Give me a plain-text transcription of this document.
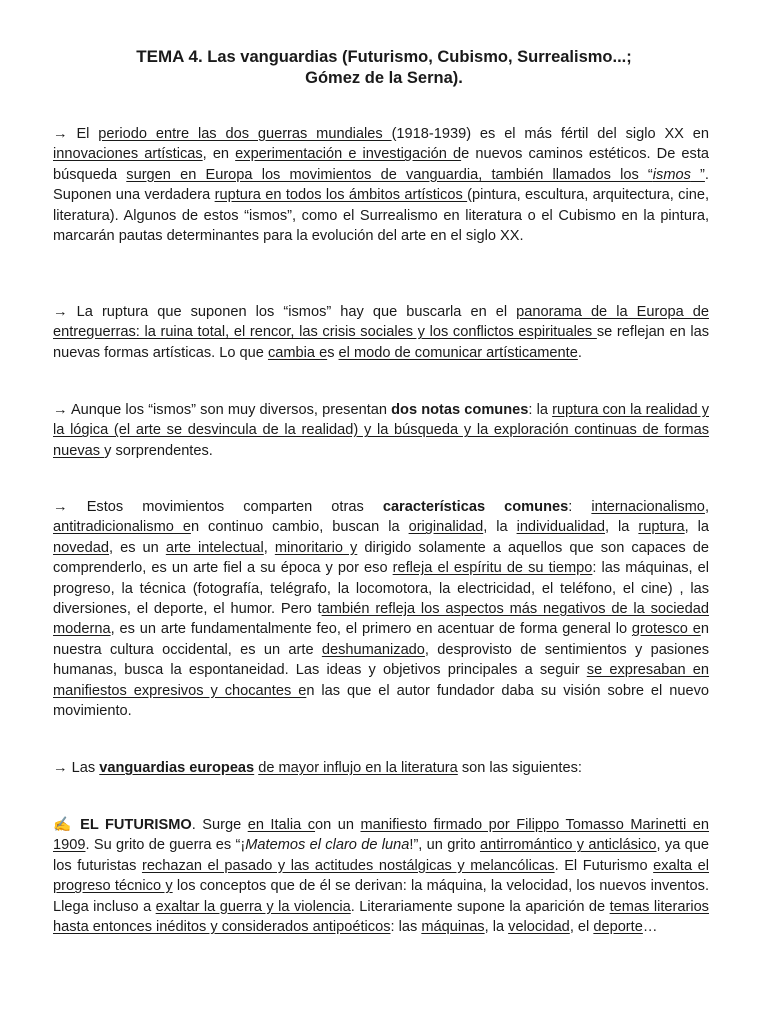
TEMA 4. Las vanguardias (Futurismo, Cubismo, Surrealismo...;
Gómez de la Serna).

→ El periodo entre las dos guerras mundiales (1918-1939) es el más fértil del siglo XX en innovaciones artísticas, en experimentación e investigación de nuevos caminos estéticos. De esta búsqueda surgen en Europa los movimientos de vanguardia, también llamados los “ismos ”. Suponen una verdadera ruptura en todos los ámbitos artísticos (pintura, escultura, arquitectura, cine, literatura). Algunos de estos “ismos”, como el Surrealismo en literatura o el Cubismo en la pintura, marcarán pautas determinantes para la evolución del arte en el siglo XX.

→ La ruptura que suponen los “ismos” hay que buscarla en el panorama de la Europa de entreguerras: la ruina total, el rencor, las crisis sociales y los conflictos espirituales se reflejan en las nuevas formas artísticas. Lo que cambia es el modo de comunicar artísticamente.

→ Aunque los “ismos” son muy diversos, presentan dos notas comunes: la ruptura con la realidad y la lógica (el arte se desvincula de la realidad) y la búsqueda y la exploración continuas de formas nuevas y sorprendentes.

→ Estos movimientos comparten otras características comunes: internacionalismo, antitradicionalismo en continuo cambio, buscan la originalidad, la individualidad, la ruptura, la novedad, es un arte intelectual, minoritario y dirigido solamente a aquellos que son capaces de comprenderlo, es un arte fiel a su época y por eso refleja el espíritu de su tiempo: las máquinas, el progreso, la técnica (fotografía, telégrafo, la locomotora, la electricidad, el teléfono, el cine) , las diversiones, el deporte, el humor. Pero también refleja los aspectos más negativos de la sociedad moderna, es un arte fundamentalmente feo, el primero en acentuar de forma general lo grotesco en nuestra cultura occidental, es un arte deshumanizado, desprovisto de sentimientos y pasiones humanas, busca la espontaneidad. Las ideas y objetivos principales a seguir se expresaban en manifiestos expresivos y chocantes en las que el autor fundador daba su visión sobre el nuevo movimiento.

→ Las vanguardias europeas de mayor influjo en la literatura son las siguientes:

✍ EL FUTURISMO. Surge en Italia con un manifiesto firmado por Filippo Tomasso Marinetti en 1909. Su grito de guerra es “¡Matemos el claro de luna!”, un grito antirromántico y anticlásico, ya que los futuristas rechazan el pasado y las actitudes nostálgicas y melancólicas. El Futurismo exalta el progreso técnico y los conceptos que de él se derivan: la máquina, la velocidad, los nuevos inventos. Llega incluso a exaltar la guerra y la violencia. Literariamente supone la aparición de temas literarios hasta entonces inéditos y considerados antipoéticos: las máquinas, la velocidad, el deporte…
